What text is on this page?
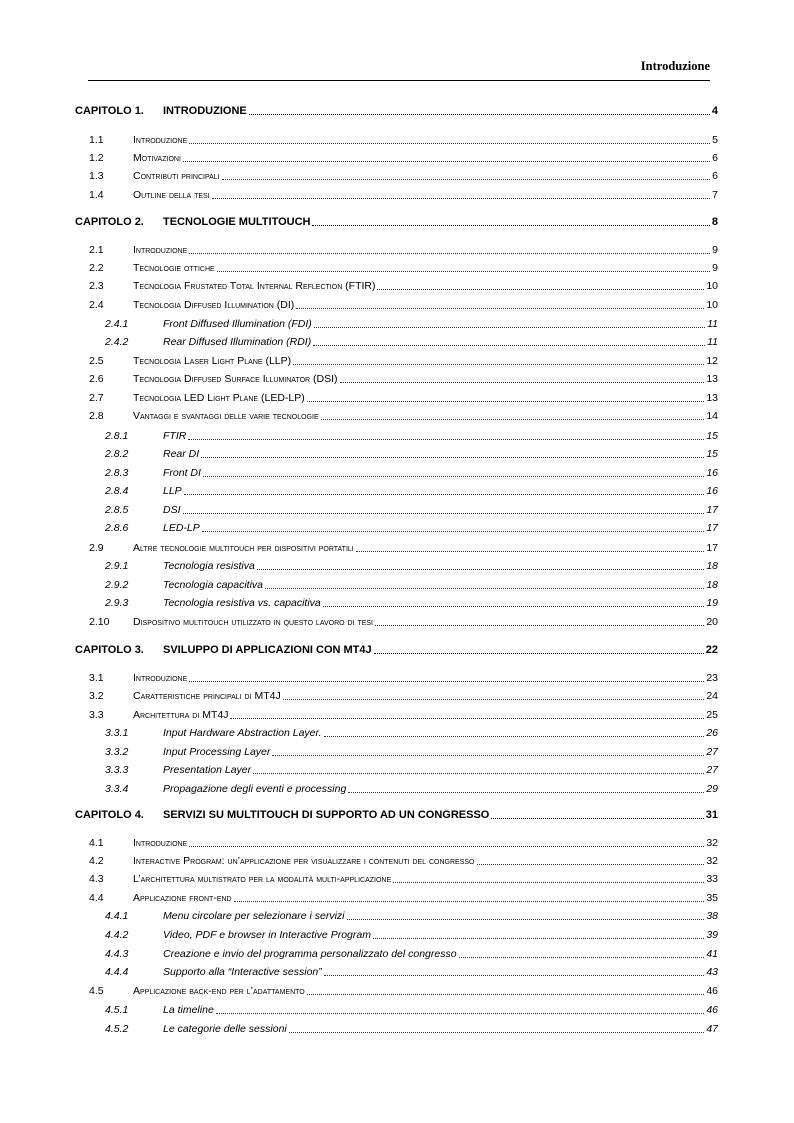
Introduzione
CAPITOLO 1.	INTRODUZIONE	4
1.1	Introduzione	5
1.2	Motivazioni	6
1.3	Contributi principali	6
1.4	Outline della tesi	7
CAPITOLO 2.	TECNOLOGIE MULTITOUCH	8
2.1	Introduzione	9
2.2	Tecnologie ottiche	9
2.3	Tecnologia Frustated Total Internal Reflection (FTIR)	10
2.4	Tecnologia Diffused Illumination (DI)	10
2.4.1	Front Diffused Illumination (FDI)	11
2.4.2	Rear Diffused Illumination (RDI)	11
2.5	Tecnologia Laser Light Plane (LLP)	12
2.6	Tecnologia Diffused Surface Illuminator (DSI)	13
2.7	Tecnologia LED Light Plane (LED-LP)	13
2.8	Vantaggi e svantaggi delle varie tecnologie	14
2.8.1	FTIR	15
2.8.2	Rear DI	15
2.8.3	Front DI	16
2.8.4	LLP	16
2.8.5	DSI	17
2.8.6	LED-LP	17
2.9	Altre tecnologie multitouch per dispositivi portatili	17
2.9.1	Tecnologia resistiva	18
2.9.2	Tecnologia capacitiva	18
2.9.3	Tecnologia resistiva vs. capacitiva	19
2.10	Dispositivo multitouch utilizzato in questo lavoro di tesi	20
CAPITOLO 3.	SVILUPPO DI APPLICAZIONI CON MT4J	22
3.1	Introduzione	23
3.2	Caratteristiche principali di MT4J	24
3.3	Architettura di MT4J	25
3.3.1	Input Hardware Abstraction Layer.	26
3.3.2	Input Processing Layer	27
3.3.3	Presentation Layer	27
3.3.4	Propagazione degli eventi e processing	29
CAPITOLO 4.	SERVIZI SU MULTITOUCH DI SUPPORTO AD UN CONGRESSO	31
4.1	Introduzione	32
4.2	Interactive Program: un’applicazione per visualizzare i contenuti del congresso	32
4.3	L’architettura multistrato per la modalità multi-applicazione	33
4.4	Applicazione front-end	35
4.4.1	Menu circolare per selezionare i servizi	38
4.4.2	Video, PDF e browser in Interactive Program	39
4.4.3	Creazione e invio del programma personalizzato del congresso	41
4.4.4	Supporto alla “Interactive session”	43
4.5	Applicazione back-end per l’adattamento	46
4.5.1	La timeline	46
4.5.2	Le categorie delle sessioni	47
